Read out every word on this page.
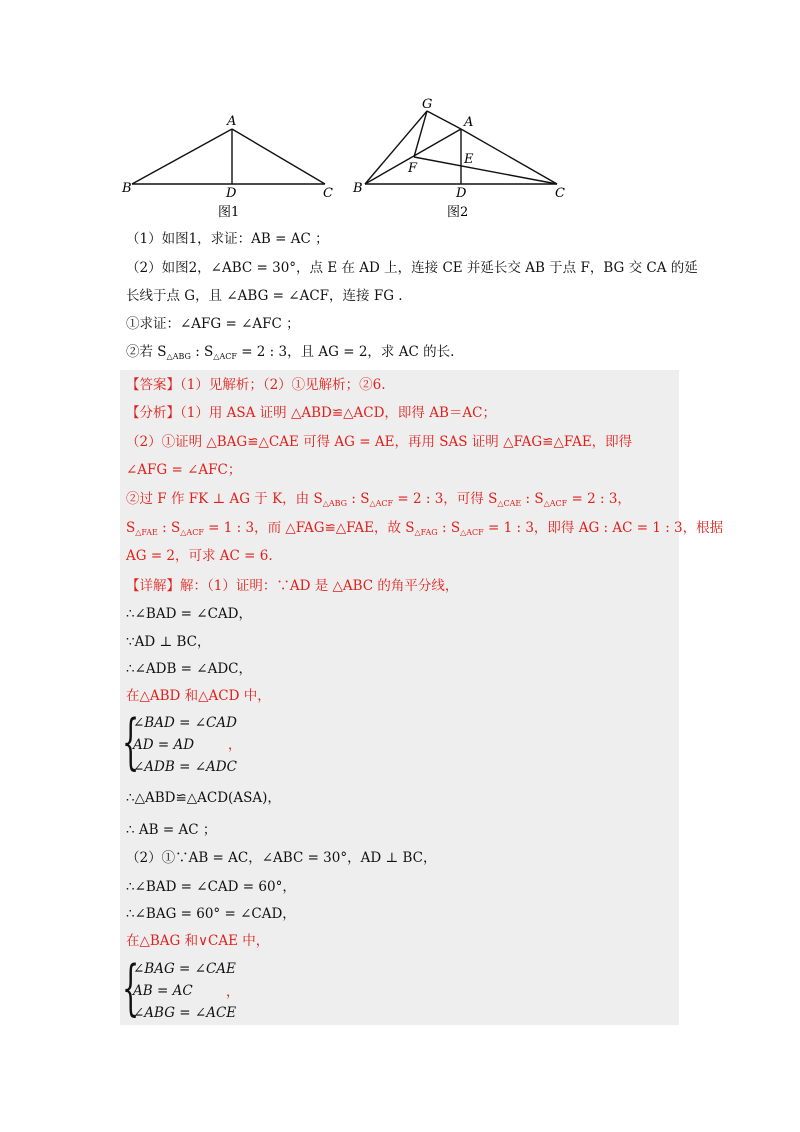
A
B	C
D
图1
G
A
E
F
B	D	C
图2
（1）如图1，求证：AB = AC ；
（2）如图2，∠ABC = 30°，点 E 在 AD 上，连接 CE 并延长交 AB 于点 F，BG 交 CA 的延
长线于点 G，且 ∠ABG = ∠ACF，连接 FG .
①求证：∠AFG = ∠AFC ；
②若 $S_{\triangle ABG}$ : $S_{\triangle ACF} = 2$ : 3，且 AG = 2，求 AC 的长.
【答案】（1）见解析；（2）①见解析；②6.
【分析】（1）用 ASA 证明 △ABD≌△ACD，即得 AB＝AC；
（2）①证明 △BAG≌△CAE 可得 AG = AE，再用 SAS 证明 △FAG≌△FAE，即得
∠AFG = ∠AFC；
②过 F 作 FK ⊥ AG 于 K，由 $S_{\triangle ABG}$ : $S_{\triangle ACF} = 2$ : 3，可得 $S_{\triangle CAE}$ : $S_{\triangle ACF} = 2$ : 3，
$S_{\triangle FAE}$ : $S_{\triangle ACF} = 1$ : 3，而 △FAG≌△FAE，故 $S_{\triangle FAG}$ : $S_{\triangle ACF} = 1$ : 3，即得 AG : AC = 1 : 3，根据
AG = 2，可求 AC = 6.
【详解】解：（1）证明：∵AD 是 △ABC 的角平分线，
∴∠BAD = ∠CAD，
∵AD ⊥ BC，
∴∠ADB = ∠ADC，
在△ABD 和△ACD 中，
{
∠BAD = ∠CAD
AD = AD
∠ADB = ∠ADC
，
∴△ABD≌△ACD(ASA)，
∴ AB = AC ；
（2）①∵AB = AC，∠ABC = 30°，AD ⊥ BC，
∴∠BAD = ∠CAD = 60°，
∴∠BAG = 60° = ∠CAD，
在△BAG 和∨CAE 中，
{
∠BAG = ∠CAE
AB = AC
∠ABG = ∠ACE
，
